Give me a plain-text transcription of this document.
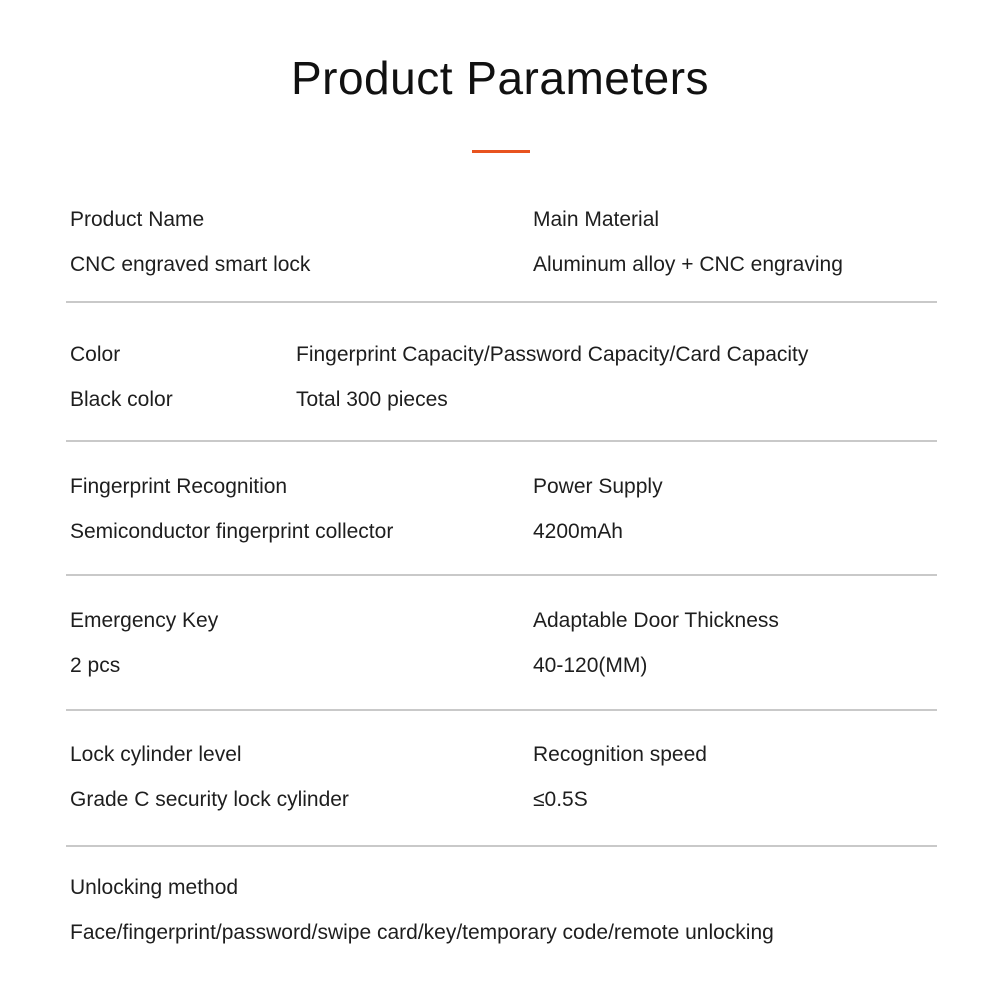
Product Parameters
Product Name
CNC engraved smart lock
Main Material
Aluminum alloy + CNC engraving
Color
Black color
Fingerprint Capacity/Password Capacity/Card Capacity
Total 300 pieces
Fingerprint Recognition
Semiconductor fingerprint collector
Power Supply
4200mAh
Emergency Key
2 pcs
Adaptable Door Thickness
40-120(MM)
Lock cylinder level
Grade C security lock cylinder
Recognition speed
≤0.5S
Unlocking method
Face/fingerprint/password/swipe card/key/temporary code/remote unlocking
